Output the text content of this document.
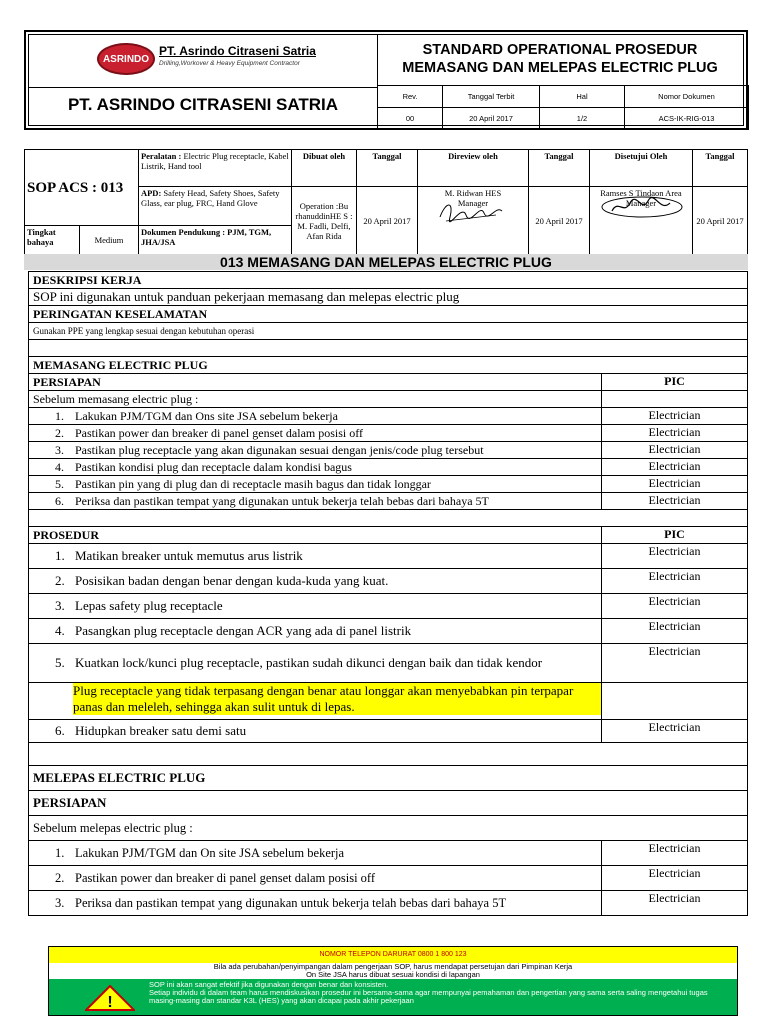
ASRINDO
PT. Asrindo Citraseni Satria
Drilling,Workover & Heavy Equipment Contractor
PT. ASRINDO CITRASENI SATRIA
STANDARD OPERATIONAL PROSEDUR
MEMASANG DAN MELEPAS ELECTRIC PLUG
Rev.	Tanggal Terbit	Hal	Nomor Dokumen
00	20 April 2017	1/2	ACS-IK-RIG-013
SOP ACS : 013		Peralatan : Electric Plug receptacle, Kabel Listrik, Hand tool	Dibuat oleh	Tanggal	Direview oleh	Tanggal	Disetujui Oleh	Tanggal
		APD: Safety Head, Safety Shoes, Safety Glass, ear plug, FRC, Hand Glove	Operation :Bu rhanuddinHE S : M. Fadli, Delfi, Afan Rida	20 April 2017	M. Ridwan HES Manager	20 April 2017	Ramses S Tindaon Area Manager	20 April 2017
Tingkat bahaya	Medium	Dokumen Pendukung : PJM, TGM, JHA/JSA						
013 MEMASANG DAN MELEPAS ELECTRIC PLUG
DESKRIPSI KERJA	
SOP ini digunakan untuk panduan pekerjaan memasang dan melepas electric plug	
PERINGATAN KESELAMATAN	
Gunakan PPE yang lengkap sesuai dengan kebutuhan operasi	

MEMASANG ELECTRIC PLUG	
PERSIAPAN	PIC
Sebelum memasang electric plug :	

1. Lakukan PJM/TGM dan Ons site JSA sebelum bekerja	Electrician

2. Pastikan power dan breaker di panel genset dalam posisi off	Electrician

3. Pastikan plug receptacle yang akan digunakan sesuai dengan jenis/code plug tersebut	Electrician

4. Pastikan kondisi plug dan receptacle dalam kondisi bagus	Electrician

5. Pastikan pin yang di plug dan di receptacle masih bagus dan tidak longgar	Electrician

6. Periksa dan pastikan tempat yang digunakan untuk bekerja telah bebas dari bahaya 5T	Electrician

PROSEDUR	PIC

1. Matikan breaker untuk memutus arus listrik	Electrician

2. Posisikan badan dengan benar dengan kuda-kuda yang kuat.	Electrician

3. Lepas safety plug receptacle	Electrician

4. Pasangkan plug receptacle dengan ACR yang ada di panel listrik	Electrician

5. Kuatkan lock/kunci plug receptacle, pastikan sudah dikunci dengan baik dan tidak kendor	Electrician

Plug receptacle yang tidak terpasang dengan benar atau longgar akan menyebabkan pin terpapar panas dan meleleh, sehingga akan sulit untuk di lepas.	

6. Hidupkan breaker satu demi satu	Electrician

MELEPAS ELECTRIC PLUG	
PERSIAPAN	
Sebelum melepas electric plug :	

1. Lakukan PJM/TGM dan On site JSA sebelum bekerja	Electrician

2. Pastikan power dan breaker di panel genset dalam posisi off	Electrician

3. Periksa dan pastikan tempat yang digunakan untuk bekerja telah bebas dari bahaya 5T	Electrician
NOMOR TELEPON DARURAT 0800 1 800 123
Bila ada perubahan/penyimpangan dalam pengerjaan SOP, harus mendapat persetujan dari Pimpinan Kerja
On Site JSA harus dibuat sesuai kondisi di lapangan
!
SOP ini akan sangat efektif jika digunakan dengan benar dan konsisten.
Setiap individu di dalam team harus mendiskusikan prosedur ini bersama-sama agar mempunyai pemahaman dan pengertian yang sama serta saling mengetahui tugas masing-masing dan standar K3L (HES) yang akan dicapai pada akhir pekerjaan
